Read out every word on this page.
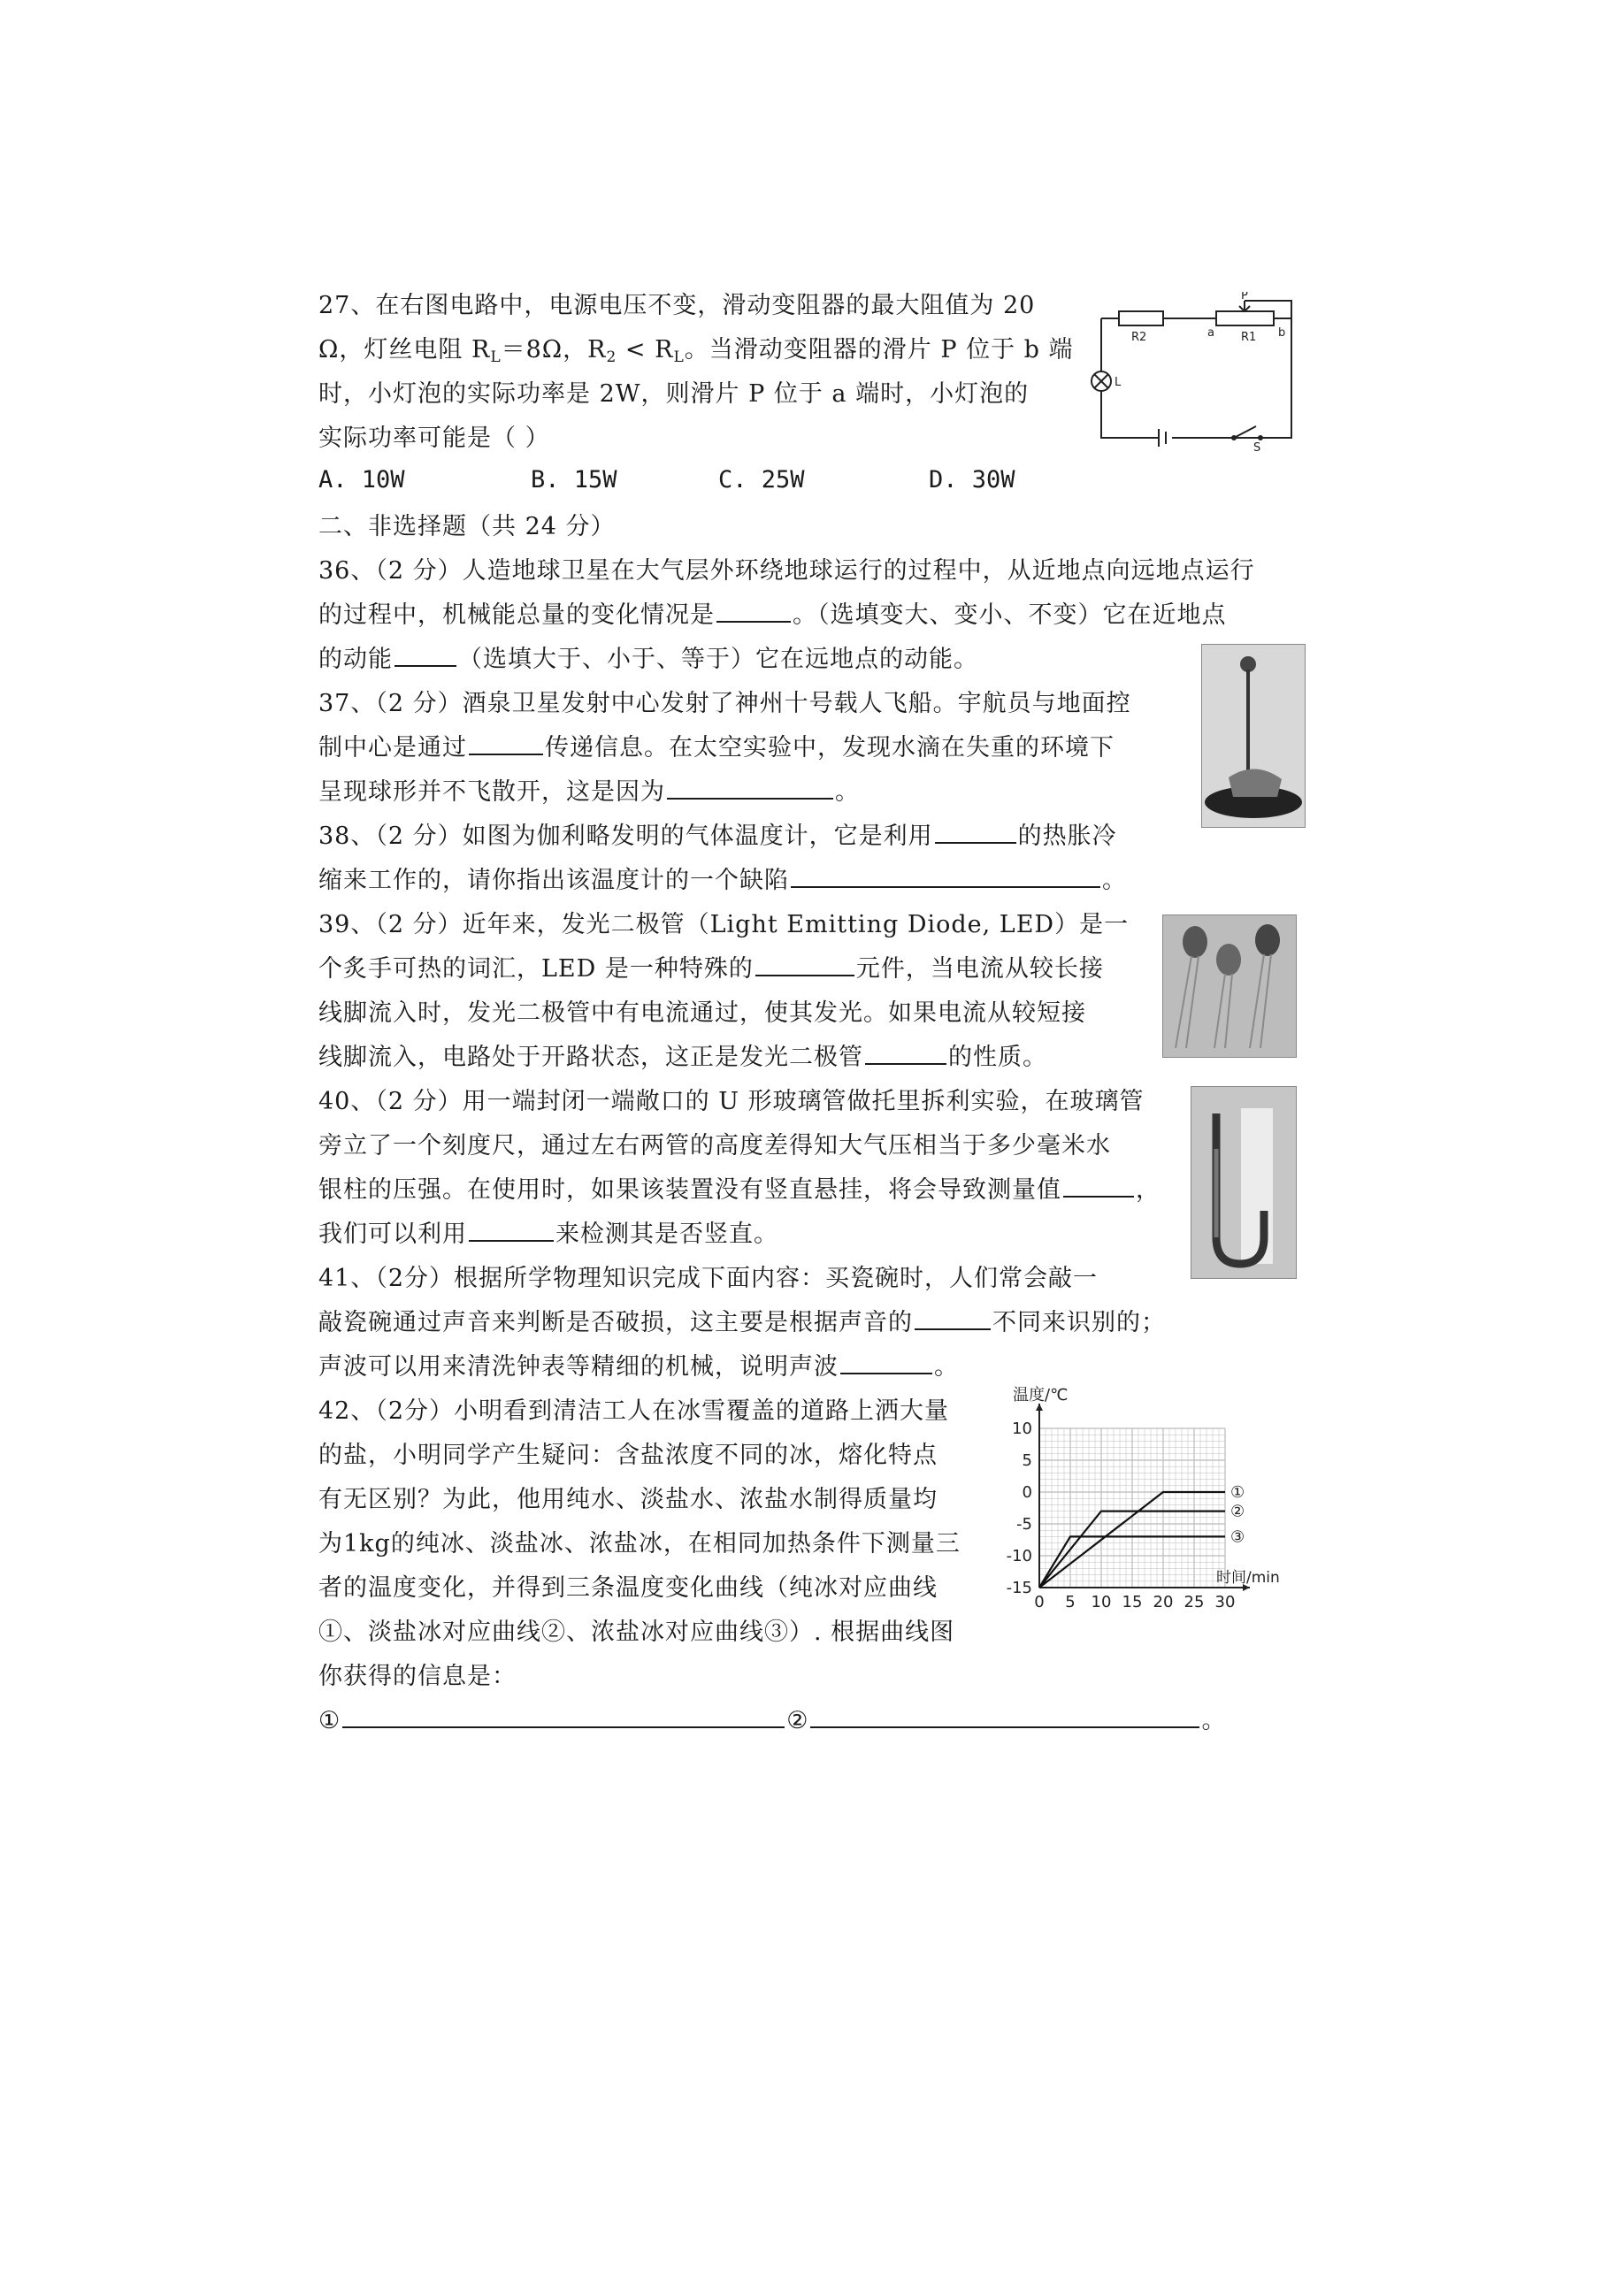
27、在右图电路中，电源电压不变，滑动变阻器的最大阻值为 20
Ω，灯丝电阻 $R_L=8\Omega$，$R_2 < R_L$。当滑动变阻器的滑片 P 位于 b 端
时，小灯泡的实际功率是 2W，则滑片 P 位于 a 端时，小灯泡的
实际功率可能是（ ）
A. 10W	B. 15W	C. 25W	D. 30W
P
R2	a R1 b
L
S
二、非选择题（共 24 分）
36、（2 分）人造地球卫星在大气层外环绕地球运行的过程中，从近地点向远地点运行
的过程中，机械能总量的变化情况是	。（选填变大、变小、不变）它在近地点
的动能	（选填大于、小于、等于）它在远地点的动能。
37、（2 分）酒泉卫星发射中心发射了神州十号载人飞船。宇航员与地面控
制中心是通过	传递信息。在太空实验中，发现水滴在失重的环境下
呈现球形并不飞散开，这是因为	。
38、（2 分）如图为伽利略发明的气体温度计，它是利用	的热胀冷
缩来工作的，请你指出该温度计的一个缺陷	。
39、（2 分）近年来，发光二极管（Light Emitting Diode, LED）是一
个炙手可热的词汇，LED 是一种特殊的	元件，当电流从较长接
线脚流入时，发光二极管中有电流通过，使其发光。如果电流从较短接
线脚流入，电路处于开路状态，这正是发光二极管	的性质。
40、（2 分）用一端封闭一端敞口的 U 形玻璃管做托里拆利实验，在玻璃管
旁立了一个刻度尺，通过左右两管的高度差得知大气压相当于多少毫米水
银柱的压强。在使用时，如果该装置没有竖直悬挂，将会导致测量值	，
我们可以利用	来检测其是否竖直。
41、（2分）根据所学物理知识完成下面内容：买瓷碗时，人们常会敲一
敲瓷碗通过声音来判断是否破损，这主要是根据声音的	不同来识别的；
声波可以用来清洗钟表等精细的机械，说明声波	。
42、（2分）小明看到清洁工人在冰雪覆盖的道路上洒大量
的盐，小明同学产生疑问：含盐浓度不同的冰，熔化特点
有无区别？为此，他用纯水、淡盐水、浓盐水制得质量均
为1kg的纯冰、淡盐冰、浓盐冰，在相同加热条件下测量三
者的温度变化，并得到三条温度变化曲线（纯冰对应曲线
①、淡盐冰对应曲线②、浓盐冰对应曲线③）. 根据曲线图
你获得的信息是：
①	②	。
0 5 10 15 20 25 30
10
5
0
-5
-10
-15
温度/℃
时间/min
①
②
③
